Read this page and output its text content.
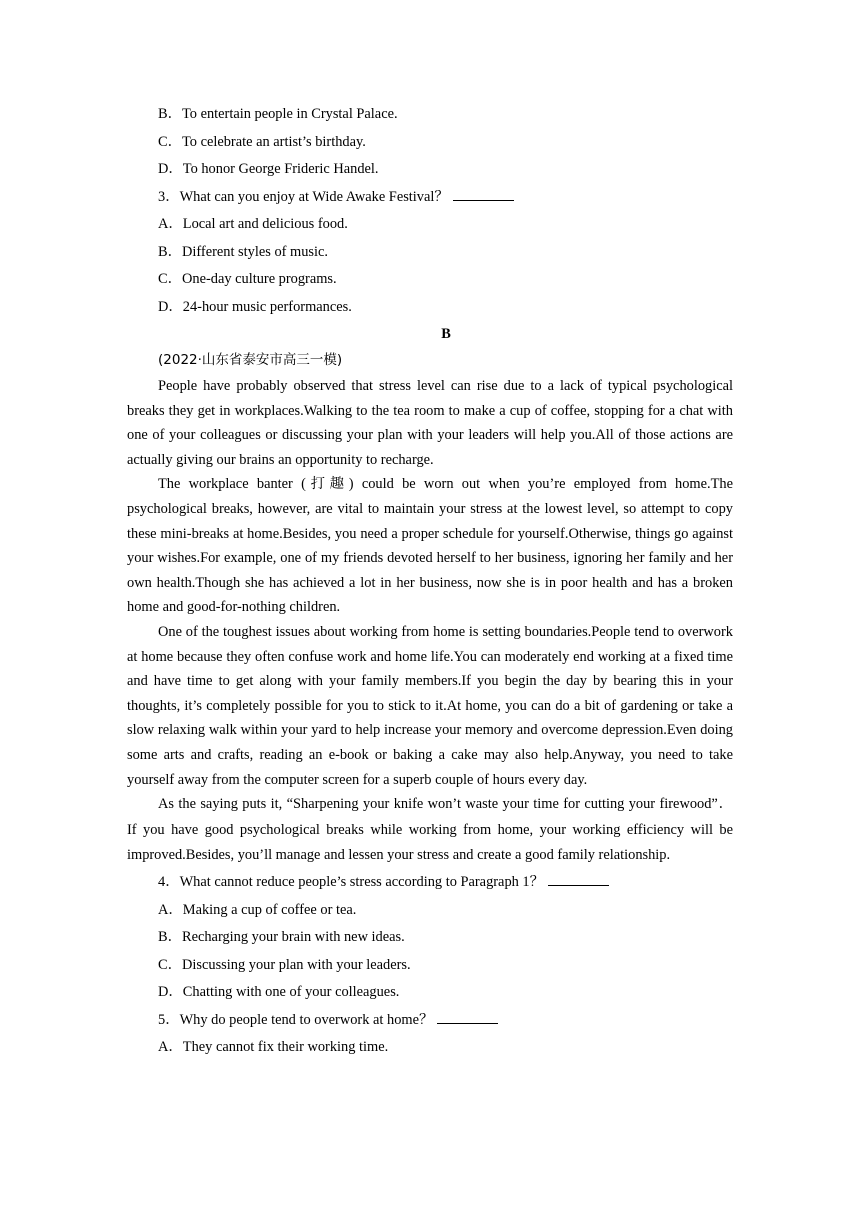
B．To entertain people in Crystal Palace.
C．To celebrate an artist’s birthday.
D．To honor George Frideric Handel.
3．What can you enjoy at Wide Awake Festival？
A．Local art and delicious food.
B．Different styles of music.
C．One-day culture programs.
D．24-hour music performances.
B
(2022·山东省泰安市高三一模)

People have probably observed that stress level can rise due to a lack of typical psychological breaks they get in workplaces.Walking to the tea room to make a cup of coffee, stopping for a chat with one of your colleagues or discussing your plan with your leaders will help you.All of those actions are actually giving our brains an opportunity to recharge.

The workplace banter (打趣) could be worn out when you’re employed from home.The psychological breaks, however, are vital to maintain your stress at the lowest level, so attempt to copy these mini-breaks at home.Besides, you need a proper schedule for yourself.Otherwise, things go against your wishes.For example, one of my friends devoted herself to her business, ignoring her family and her own health.Though she has achieved a lot in her business, now she is in poor health and has a broken home and good-for-nothing children.

One of the toughest issues about working from home is setting boundaries.People tend to overwork at home because they often confuse work and home life.You can moderately end working at a fixed time and have time to get along with your family members.If you begin the day by bearing this in your thoughts, it’s completely possible for you to stick to it.At home, you can do a bit of gardening or take a slow relaxing walk within your yard to help increase your memory and overcome depression.Even doing some arts and crafts, reading an e-book or baking a cake may also help.Anyway, you need to take yourself away from the computer screen for a superb couple of hours every day.

As the saying puts it, “Sharpening your knife won’t waste your time for cutting your firewood”． If you have good psychological breaks while working from home, your working efficiency will be improved.Besides, you’ll manage and lessen your stress and create a good family relationship.

4．What cannot reduce people’s stress according to Paragraph 1？
A．Making a cup of coffee or tea.
B．Recharging your brain with new ideas.
C．Discussing your plan with your leaders.
D．Chatting with one of your colleagues.
5．Why do people tend to overwork at home？
A．They cannot fix their working time.
